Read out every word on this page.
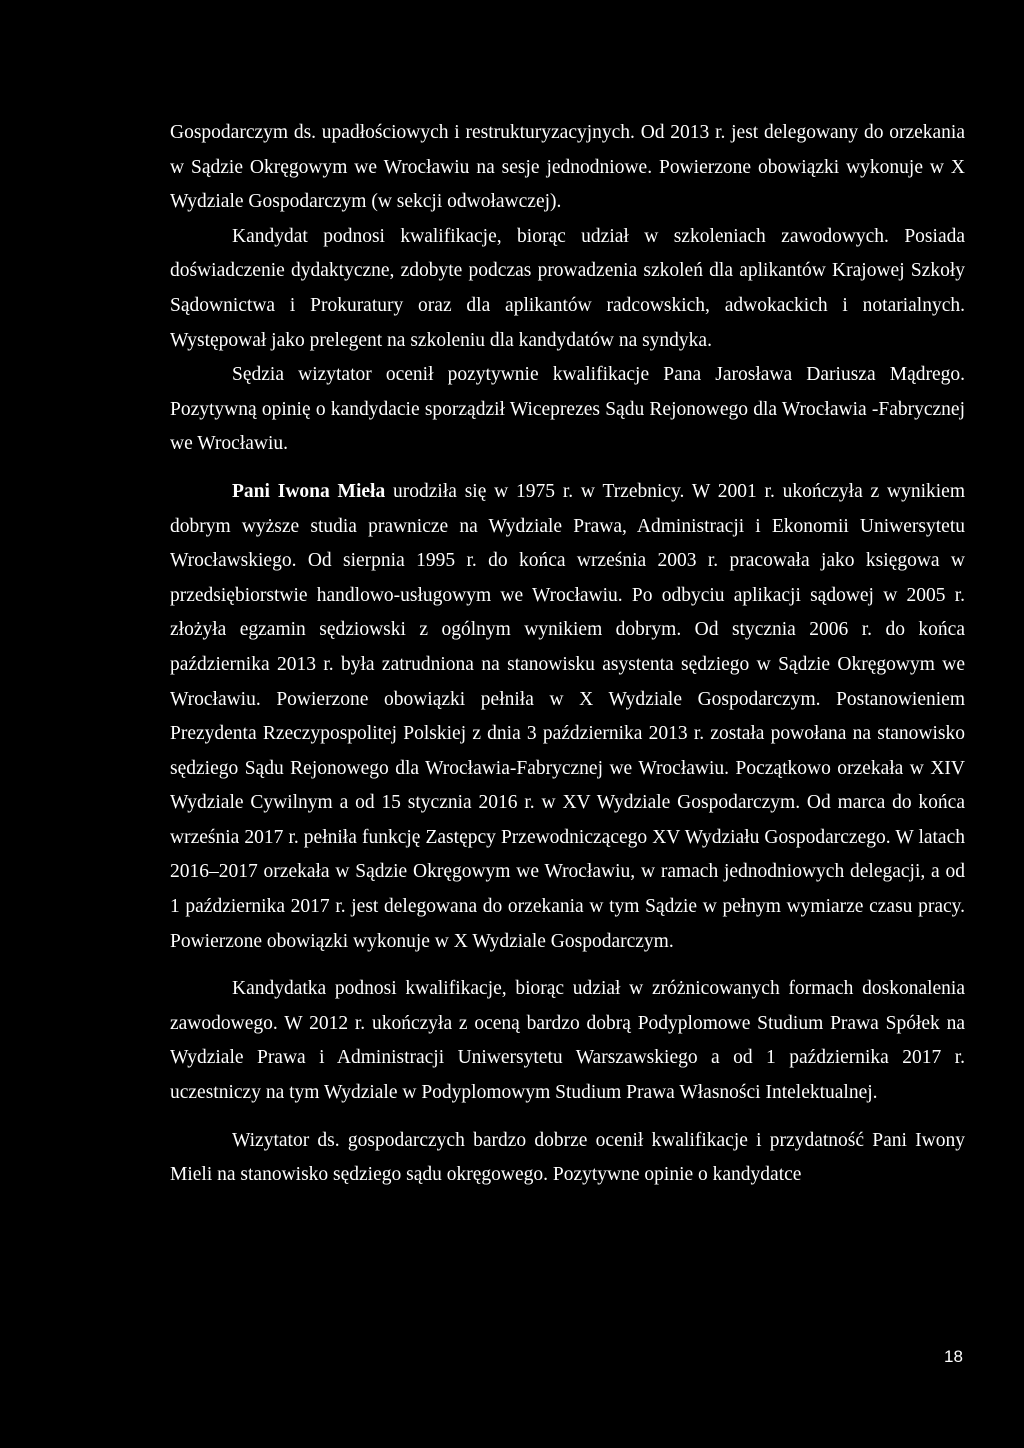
Gospodarczym ds. upadłościowych i restrukturyzacyjnych. Od 2013 r. jest delegowany do orzekania w Sądzie Okręgowym we Wrocławiu na sesje jednodniowe. Powierzone obowiązki wykonuje w X Wydziale Gospodarczym (w sekcji odwoławczej).

Kandydat podnosi kwalifikacje, biorąc udział w szkoleniach zawodowych. Posiada doświadczenie dydaktyczne, zdobyte podczas prowadzenia szkoleń dla aplikantów Krajowej Szkoły Sądownictwa i Prokuratury oraz dla aplikantów radcowskich, adwokackich i notarialnych. Występował jako prelegent na szkoleniu dla kandydatów na syndyka.

Sędzia wizytator ocenił pozytywnie kwalifikacje Pana Jarosława Dariusza Mądrego. Pozytywną opinię o kandydacie sporządził Wiceprezes Sądu Rejonowego dla Wrocławia -Fabrycznej we Wrocławiu.

Pani Iwona Mieła urodziła się w 1975 r. w Trzebnicy. W 2001 r. ukończyła z wynikiem dobrym wyższe studia prawnicze na Wydziale Prawa, Administracji i Ekonomii Uniwersytetu Wrocławskiego. Od sierpnia 1995 r. do końca września 2003 r. pracowała jako księgowa w przedsiębiorstwie handlowo-usługowym we Wrocławiu. Po odbyciu aplikacji sądowej w 2005 r. złożyła egzamin sędziowski z ogólnym wynikiem dobrym. Od stycznia 2006 r. do końca października 2013 r. była zatrudniona na stanowisku asystenta sędziego w Sądzie Okręgowym we Wrocławiu. Powierzone obowiązki pełniła w X Wydziale Gospodarczym. Postanowieniem Prezydenta Rzeczypospolitej Polskiej z dnia 3 października 2013 r. została powołana na stanowisko sędziego Sądu Rejonowego dla Wrocławia-Fabrycznej we Wrocławiu. Początkowo orzekała w XIV Wydziale Cywilnym a od 15 stycznia 2016 r. w XV Wydziale Gospodarczym. Od marca do końca września 2017 r. pełniła funkcję Zastępcy Przewodniczącego XV Wydziału Gospodarczego. W latach 2016–2017 orzekała w Sądzie Okręgowym we Wrocławiu, w ramach jednodniowych delegacji, a od 1 października 2017 r. jest delegowana do orzekania w tym Sądzie w pełnym wymiarze czasu pracy. Powierzone obowiązki wykonuje w X Wydziale Gospodarczym.

Kandydatka podnosi kwalifikacje, biorąc udział w zróżnicowanych formach doskonalenia zawodowego. W 2012 r. ukończyła z oceną bardzo dobrą Podyplomowe Studium Prawa Spółek na Wydziale Prawa i Administracji Uniwersytetu Warszawskiego a od 1 października 2017 r. uczestniczy na tym Wydziale w Podyplomowym Studium Prawa Własności Intelektualnej.

Wizytator ds. gospodarczych bardzo dobrze ocenił kwalifikacje i przydatność Pani Iwony Mieli na stanowisko sędziego sądu okręgowego. Pozytywne opinie o kandydatce

18
